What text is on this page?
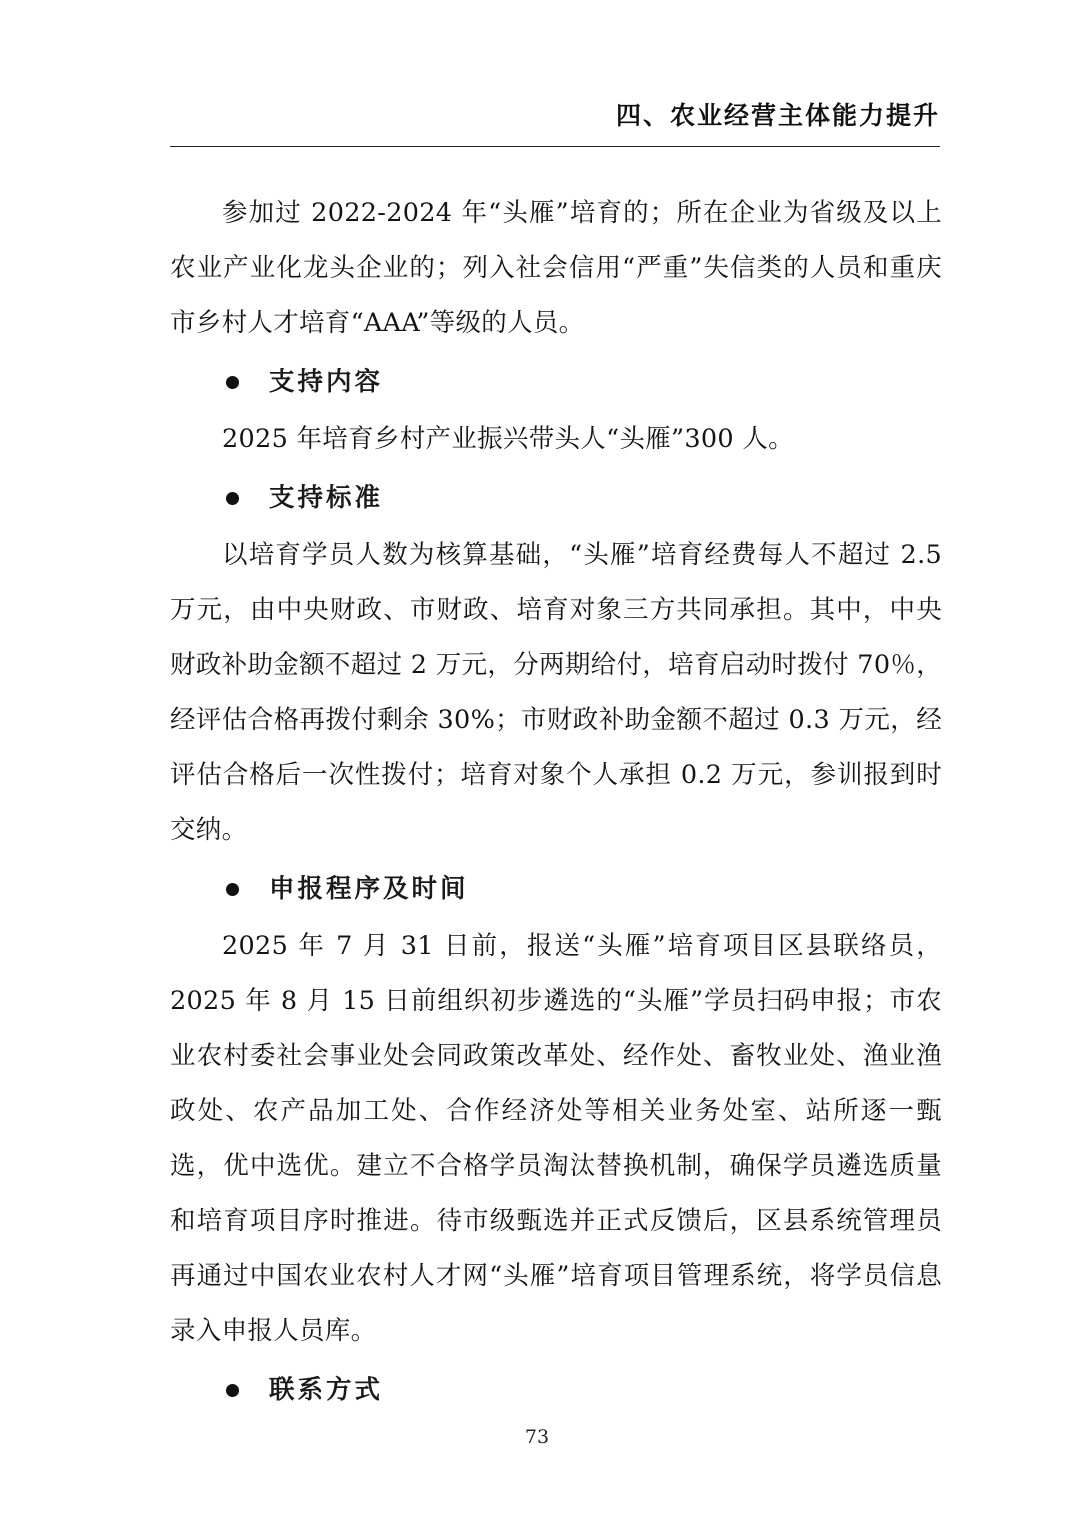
四、农业经营主体能力提升

参加过 2022-2024 年“头雁”培育的；所在企业为省级及以上农业产业化龙头企业的；列入社会信用“严重”失信类的人员和重庆市乡村人才培育“AAA”等级的人员。

支持内容

2025 年培育乡村产业振兴带头人“头雁”300 人。

支持标准

以培育学员人数为核算基础，“头雁”培育经费每人不超过 2.5 万元，由中央财政、市财政、培育对象三方共同承担。其中，中央财政补助金额不超过 2 万元，分两期给付，培育启动时拨付 70％，经评估合格再拨付剩余 30%；市财政补助金额不超过 0.3 万元，经评估合格后一次性拨付；培育对象个人承担 0.2 万元，参训报到时交纳。

申报程序及时间

2025 年 7 月 31 日前，报送“头雁”培育项目区县联络员，2025 年 8 月 15 日前组织初步遴选的“头雁”学员扫码申报；市农业农村委社会事业处会同政策改革处、经作处、畜牧业处、渔业渔政处、农产品加工处、合作经济处等相关业务处室、站所逐一甄选，优中选优。建立不合格学员淘汰替换机制，确保学员遴选质量和培育项目序时推进。待市级甄选并正式反馈后，区县系统管理员再通过中国农业农村人才网“头雁”培育项目管理系统，将学员信息录入申报人员库。

联系方式
73
